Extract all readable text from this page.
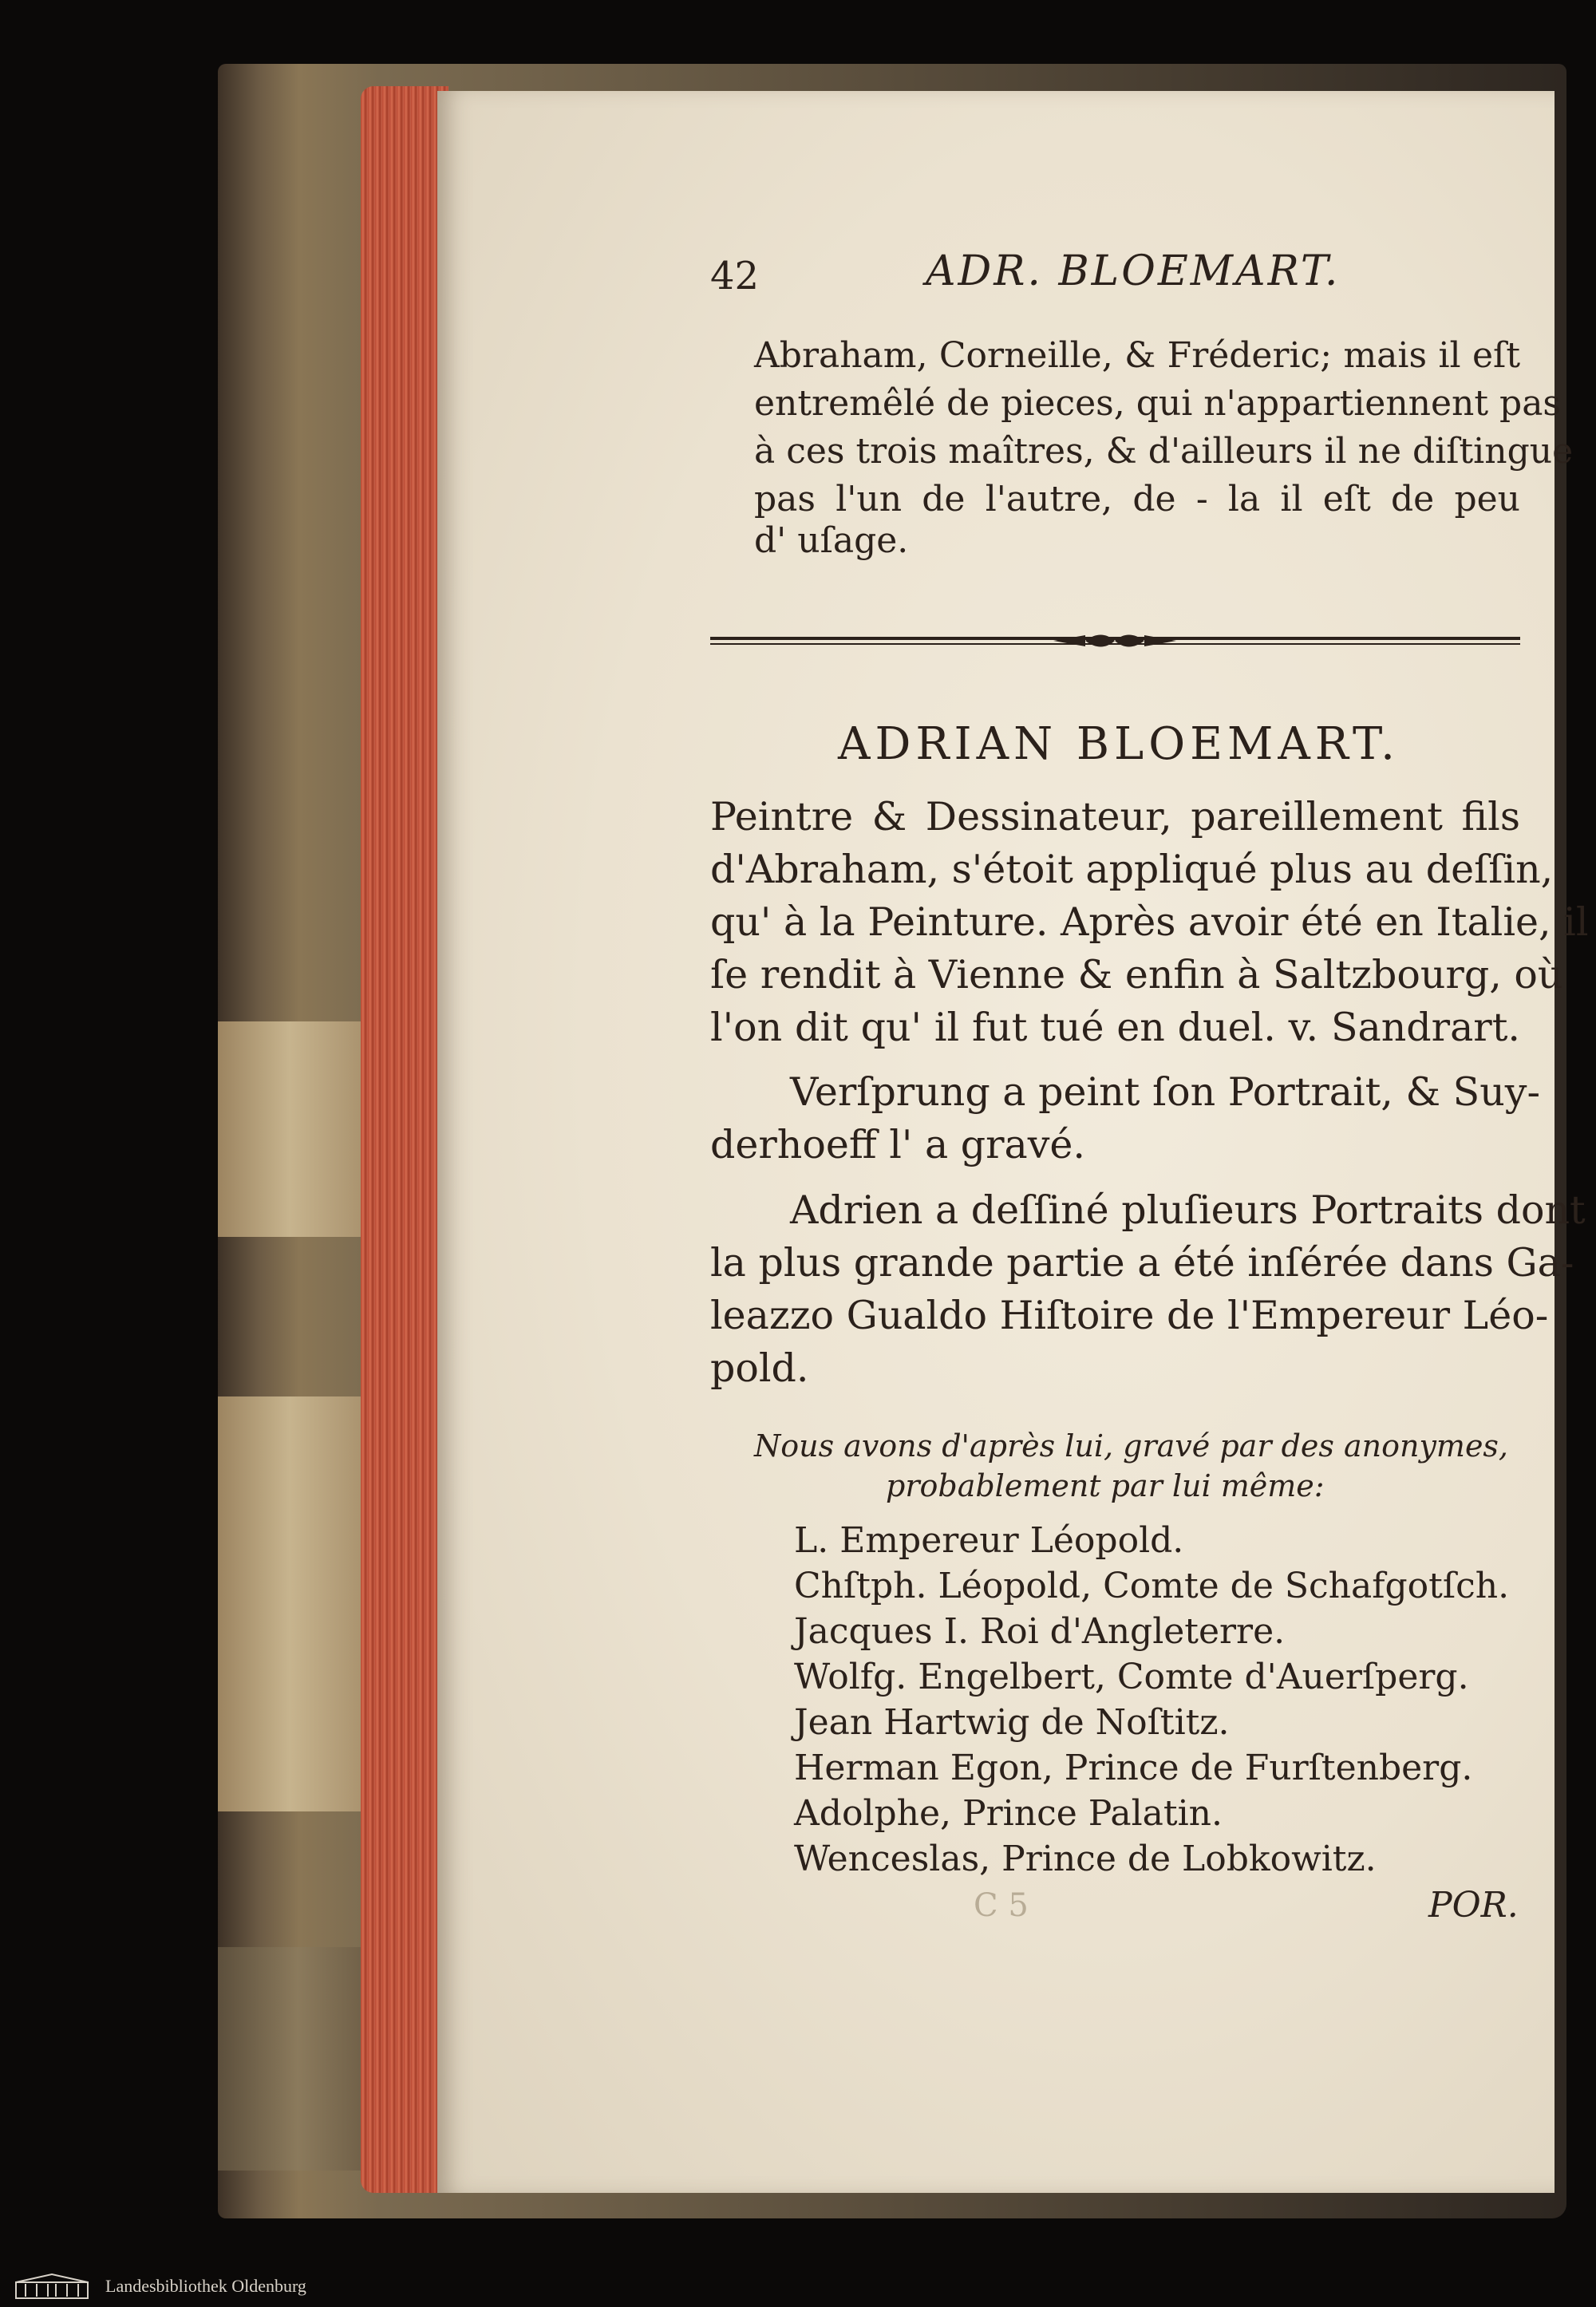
42	ADR. BLOEMART.
Abraham, Corneille, & Fréderic; mais il eſt
entremêlé de pieces, qui n'appartiennent pas
à ces trois maîtres, & d'ailleurs il ne diſtingue
pas l'un de l'autre, de - la il eſt de peu
d' uſage.
ADRIAN BLOEMART.
Peintre & Dessinateur, pareillement fils
d'Abraham, s'étoit appliqué plus au deſſin,
qu' à la Peinture. Après avoir été en Italie, il
ſe rendit à Vienne & enfin à Saltzbourg, où
l'on dit qu' il fut tué en duel. v. Sandrart.
Verſprung a peint ſon Portrait, & Suy-
derhoeff l' a gravé.
Adrien a deſſiné pluſieurs Portraits dont
la plus grande partie a été inſérée dans Ga-
leazzo Gualdo Hiſtoire de l'Empereur Léo-
pold.
Nous avons d'après lui, gravé par des anonymes,
probablement par lui même:
L. Empereur Léopold.
Chſtph. Léopold, Comte de Schafgotſch.
Jacques I. Roi d'Angleterre.
Wolfg. Engelbert, Comte d'Auerſperg.
Jean Hartwig de Noſtitz.
Herman Egon, Prince de Furſtenberg.
Adolphe, Prince Palatin.
Wenceslas, Prince de Lobkowitz.
C 5	POR.
Landesbibliothek Oldenburg
